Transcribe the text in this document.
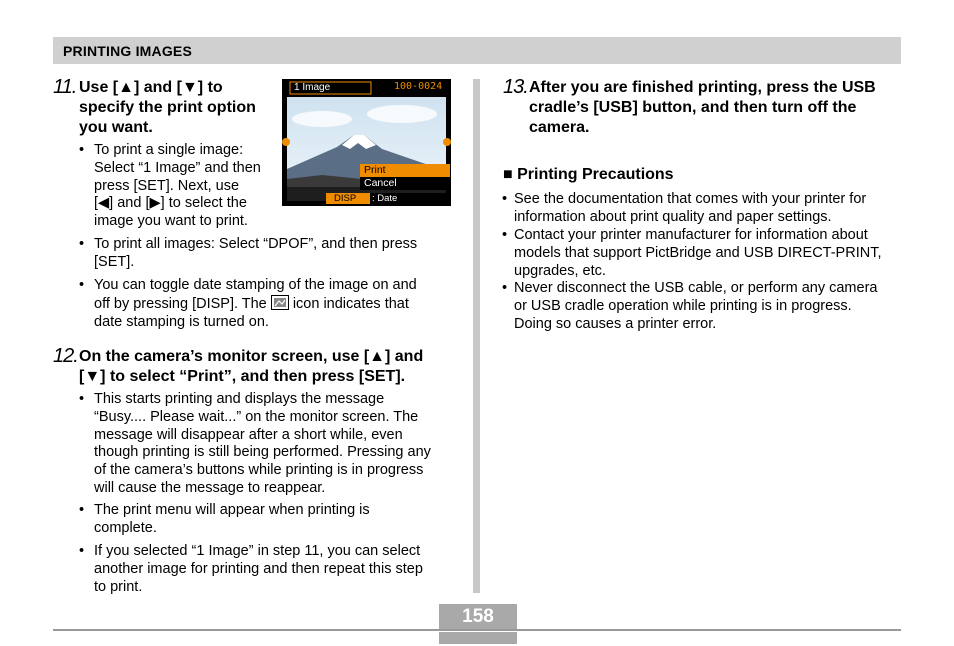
PRINTING IMAGES
11. Use [▲] and [▼] to
specify the print option
you want.
• To print a single image:
Select “1 Image” and then
press [SET]. Next, use
[◀] and [▶] to select the
image you want to print.
• To print all images: Select “DPOF”, and then press
[SET].
• You can toggle date stamping of the image on and
off by pressing [DISP]. The icon indicates that
date stamping is turned on.
1 Image	100-0024
Print
Cancel
DISP : Date
12. On the camera’s monitor screen, use [▲] and
[▼] to select “Print”, and then press [SET].
• This starts printing and displays the message
“Busy.... Please wait...” on the monitor screen. The
message will disappear after a short while, even
though printing is still being performed. Pressing any
of the camera’s buttons while printing is in progress
will cause the message to reappear.
• The print menu will appear when printing is
complete.
• If you selected “1 Image” in step 11, you can select
another image for printing and then repeat this step
to print.
13. After you are finished printing, press the USB
cradle’s [USB] button, and then turn off the
camera.
■ Printing Precautions
• See the documentation that comes with your printer for
information about print quality and paper settings.
• Contact your printer manufacturer for information about
models that support PictBridge and USB DIRECT-PRINT,
upgrades, etc.
• Never disconnect the USB cable, or perform any camera
or USB cradle operation while printing is in progress.
Doing so causes a printer error.
158
